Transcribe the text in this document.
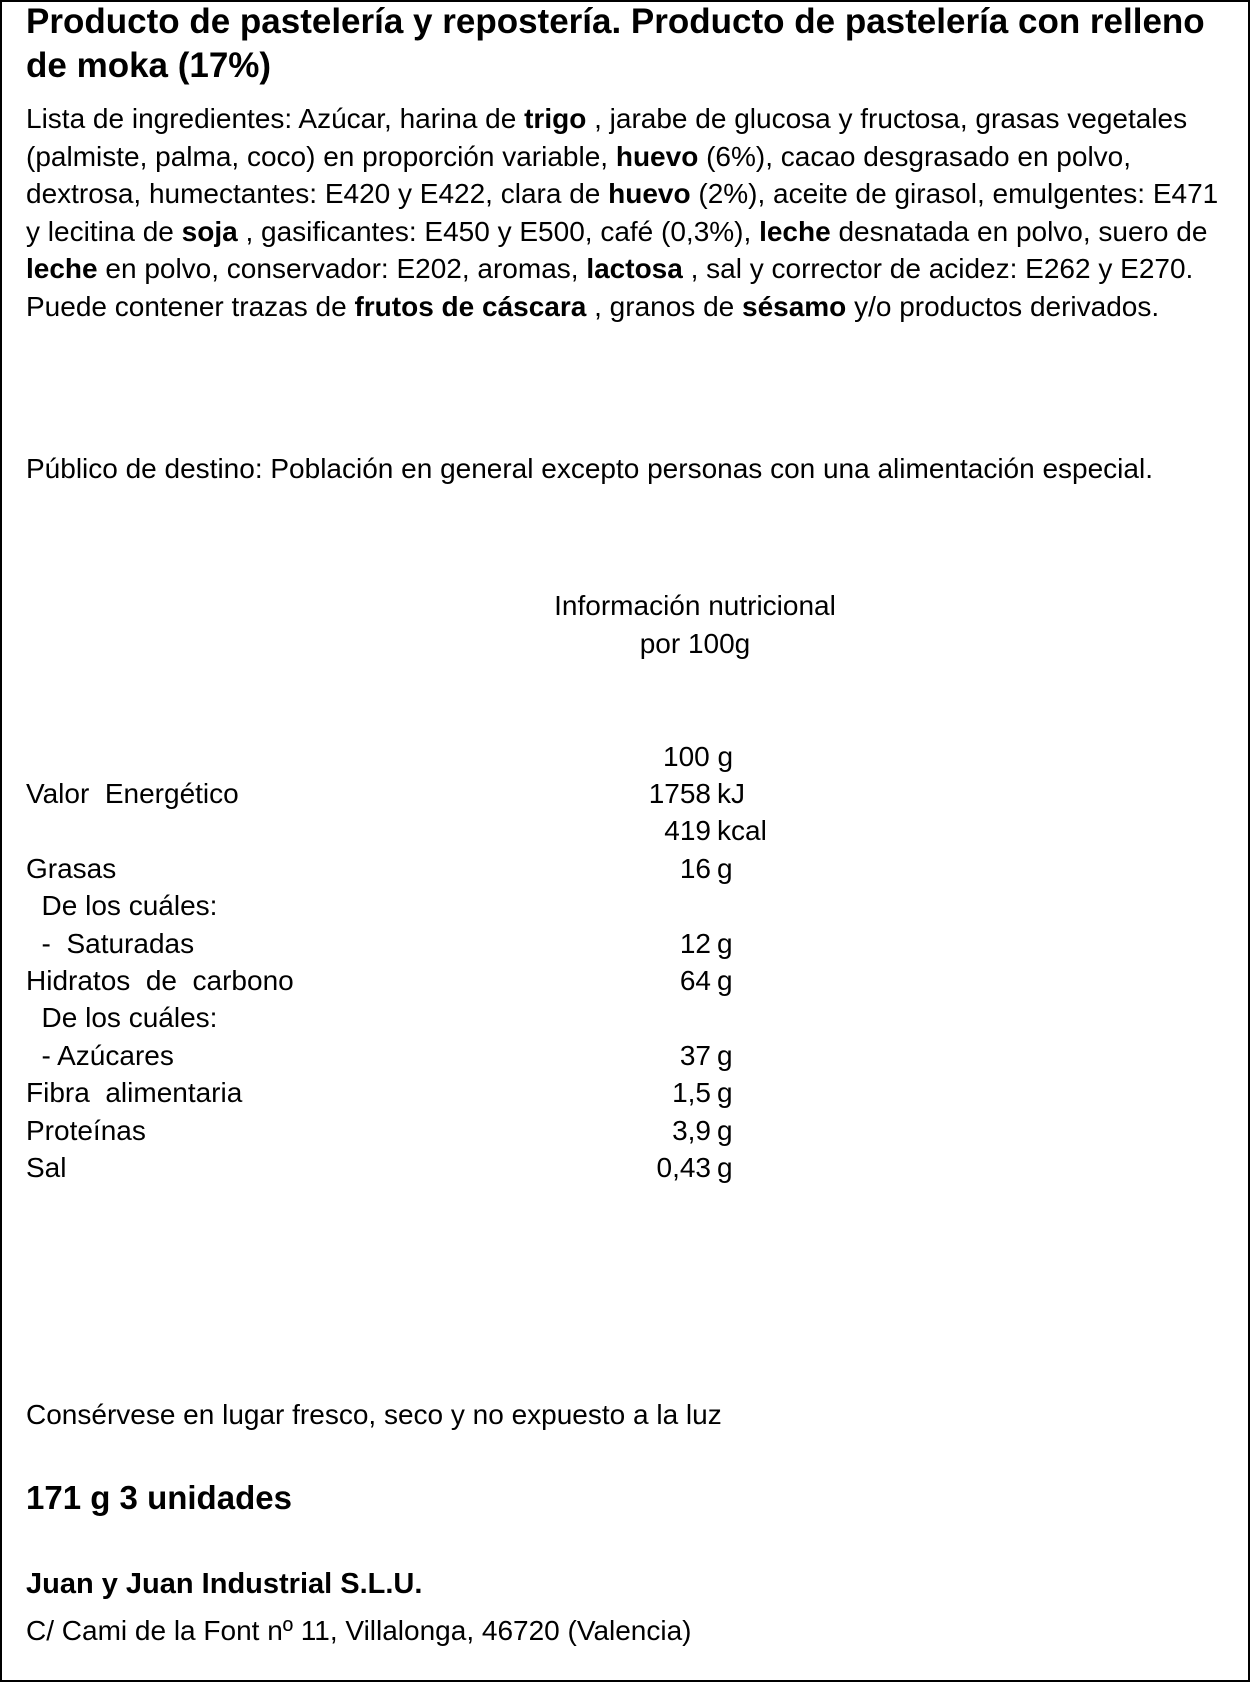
Producto de pastelería y repostería. Producto de pastelería con relleno de moka (17%)
Lista de ingredientes: Azúcar, harina de trigo , jarabe de glucosa y fructosa, grasas vegetales (palmiste, palma, coco) en proporción variable, huevo (6%), cacao desgrasado en polvo, dextrosa, humectantes: E420 y E422, clara de huevo (2%), aceite de girasol, emulgentes: E471 y lecitina de soja , gasificantes: E450 y E500, café (0,3%), leche desnatada en polvo, suero de leche en polvo, conservador: E202, aromas, lactosa , sal y corrector de acidez: E262 y E270. Puede contener trazas de frutos de cáscara , granos de sésamo y/o productos derivados.
Público de destino: Población en general excepto personas con una alimentación especial.
Información nutricional
por 100g
100 g
Valor  Energético	1758 kJ
419 kcal
Grasas	16 g
De los cuáles:
-  Saturadas	12 g
Hidratos  de  carbono	64 g
De los cuáles:
- Azúcares	37 g
Fibra  alimentaria	1,5 g
Proteínas	3,9 g
Sal	0,43 g
Consérvese en lugar fresco, seco y no expuesto a la luz
171 g 3 unidades
Juan y Juan Industrial S.L.U.
C/ Cami de la Font nº 11, Villalonga, 46720 (Valencia)
